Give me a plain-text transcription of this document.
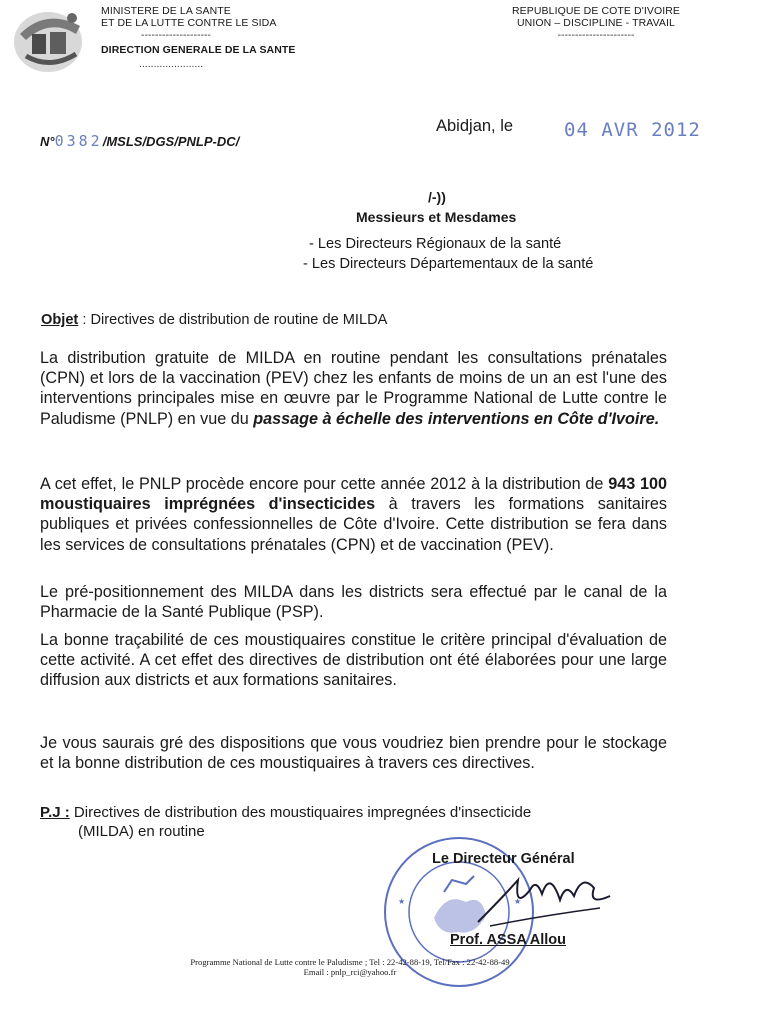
MINISTERE DE LA SANTE
ET DE LA LUTTE CONTRE LE SIDA
--------------------
DIRECTION GENERALE DE LA SANTE
......................
REPUBLIQUE DE COTE D'IVOIRE
UNION – DISCIPLINE - TRAVAIL
----------------------
Abidjan, le	04 AVR 2012
N°0382/MSLS/DGS/PNLP-DC/
/-))
Messieurs et Mesdames
- Les Directeurs Régionaux de la santé
- Les Directeurs Départementaux de la santé
Objet : Directives de distribution de routine de MILDA
La distribution gratuite de MILDA en routine pendant les consultations prénatales (CPN) et lors de la vaccination (PEV) chez les enfants de moins de un an est l'une des interventions principales mise en œuvre par le Programme National de Lutte contre le Paludisme (PNLP) en vue du passage à échelle des interventions en Côte d'Ivoire.
A cet effet, le PNLP procède encore pour cette année 2012 à la distribution de 943 100 moustiquaires imprégnées d'insecticides à travers les formations sanitaires publiques et privées confessionnelles de Côte d'Ivoire. Cette distribution se fera dans les services de consultations prénatales (CPN) et de vaccination (PEV).
Le pré-positionnement des MILDA dans les districts sera effectué par le canal de la Pharmacie de la Santé Publique (PSP).
La bonne traçabilité de ces moustiquaires constitue le critère principal d'évaluation de cette activité. A cet effet des directives de distribution ont été élaborées pour une large diffusion aux districts et aux formations sanitaires.
Je vous saurais gré des dispositions que vous voudriez bien prendre pour le stockage et la bonne distribution de ces moustiquaires à travers ces directives.
P.J : Directives de distribution des moustiquaires impregnées d'insecticide
(MILDA) en routine
★	★
Le Directeur Général
Prof. ASSA Allou
Programme National de Lutte contre le Paludisme ; Tel : 22-42-88-19, Tel/Fax : 22-42-88-49
Email : pnlp_rci@yahoo.fr
